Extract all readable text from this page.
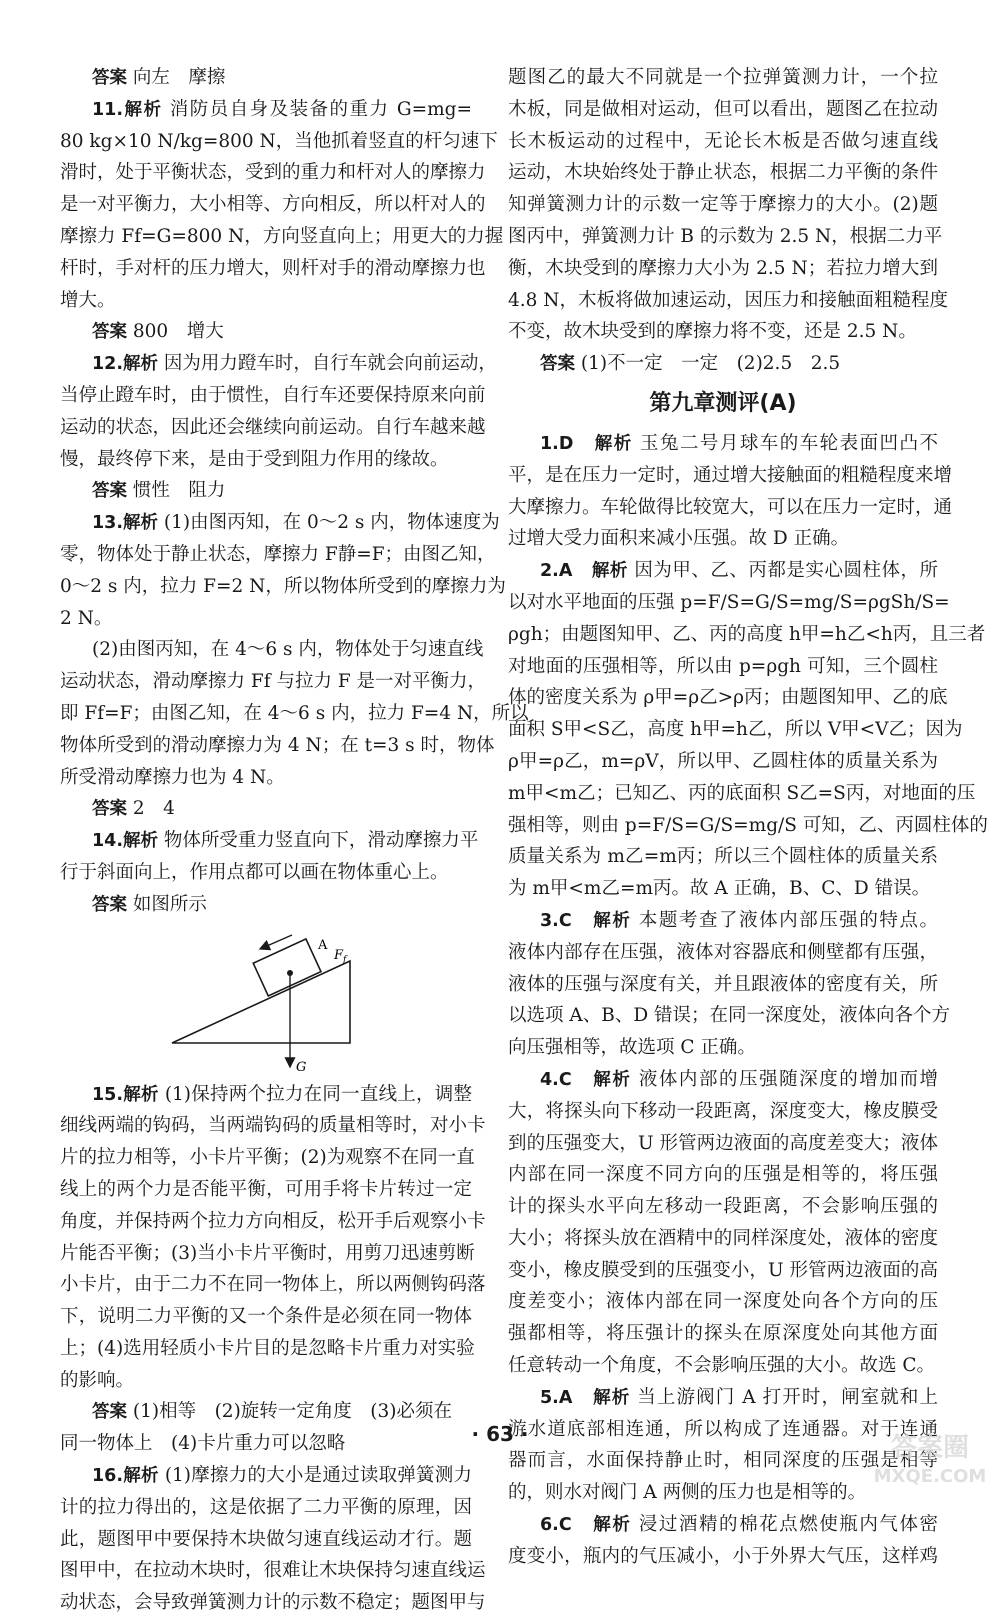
答案 向左　摩擦
11.解析 消防员自身及装备的重力 G=mg=
80 kg×10 N/kg=800 N，当他抓着竖直的杆匀速下
滑时，处于平衡状态，受到的重力和杆对人的摩擦力
是一对平衡力，大小相等、方向相反，所以杆对人的
摩擦力 Ff=G=800 N，方向竖直向上；用更大的力握
杆时，手对杆的压力增大，则杆对手的滑动摩擦力也
增大。
答案 800　增大
12.解析 因为用力蹬车时，自行车就会向前运动，
当停止蹬车时，由于惯性，自行车还要保持原来向前
运动的状态，因此还会继续向前运动。自行车越来越
慢，最终停下来，是由于受到阻力作用的缘故。
答案 惯性　阻力
13.解析 (1)由图丙知，在 0～2 s 内，物体速度为
零，物体处于静止状态，摩擦力 F静=F；由图乙知，
0～2 s 内，拉力 F=2 N，所以物体所受到的摩擦力为
2 N。
(2)由图丙知，在 4～6 s 内，物体处于匀速直线
运动状态，滑动摩擦力 Ff 与拉力 F 是一对平衡力，
即 Ff=F；由图乙知，在 4～6 s 内，拉力 F=4 N，所以
物体所受到的滑动摩擦力为 4 N；在 t=3 s 时，物体
所受滑动摩擦力也为 4 N。
答案 2　4
14.解析 物体所受重力竖直向下，滑动摩擦力平
行于斜面向上，作用点都可以画在物体重心上。
答案 如图所示
A
$F_f$
G
15.解析 (1)保持两个拉力在同一直线上，调整
细线两端的钩码，当两端钩码的质量相等时，对小卡
片的拉力相等，小卡片平衡；(2)为观察不在同一直
线上的两个力是否能平衡，可用手将卡片转过一定
角度，并保持两个拉力方向相反，松开手后观察小卡
片能否平衡；(3)当小卡片平衡时，用剪刀迅速剪断
小卡片，由于二力不在同一物体上，所以两侧钩码落
下，说明二力平衡的又一个条件是必须在同一物体
上；(4)选用轻质小卡片目的是忽略卡片重力对实验
的影响。
答案 (1)相等　(2)旋转一定角度　(3)必须在
同一物体上　(4)卡片重力可以忽略
16.解析 (1)摩擦力的大小是通过读取弹簧测力
计的拉力得出的，这是依据了二力平衡的原理，因
此，题图甲中要保持木块做匀速直线运动才行。题
图甲中，在拉动木块时，很难让木块保持匀速直线运
动状态，会导致弹簧测力计的示数不稳定；题图甲与
题图乙的最大不同就是一个拉弹簧测力计，一个拉
木板，同是做相对运动，但可以看出，题图乙在拉动
长木板运动的过程中，无论长木板是否做匀速直线
运动，木块始终处于静止状态，根据二力平衡的条件
知弹簧测力计的示数一定等于摩擦力的大小。(2)题
图丙中，弹簧测力计 B 的示数为 2.5 N，根据二力平
衡，木块受到的摩擦力大小为 2.5 N；若拉力增大到
4.8 N，木板将做加速运动，因压力和接触面粗糙程度
不变，故木块受到的摩擦力将不变，还是 2.5 N。
答案 (1)不一定　一定　(2)2.5　2.5
第九章测评(A)
1.D　 解析 玉兔二号月球车的车轮表面凹凸不
平，是在压力一定时，通过增大接触面的粗糙程度来增
大摩擦力。车轮做得比较宽大，可以在压力一定时，通
过增大受力面积来减小压强。故 D 正确。
2.A　 解析 因为甲、乙、丙都是实心圆柱体，所
以对水平地面的压强 p=F/S=G/S=mg/S=ρgSh/S=
ρgh；由题图知甲、乙、丙的高度 h甲=h乙<h丙，且三者
对地面的压强相等，所以由 p=ρgh 可知，三个圆柱
体的密度关系为 ρ甲=ρ乙>ρ丙；由题图知甲、乙的底
面积 S甲<S乙，高度 h甲=h乙，所以 V甲<V乙；因为
ρ甲=ρ乙，m=ρV，所以甲、乙圆柱体的质量关系为
m甲<m乙；已知乙、丙的底面积 S乙=S丙，对地面的压
强相等，则由 p=F/S=G/S=mg/S 可知，乙、丙圆柱体的
质量关系为 m乙=m丙；所以三个圆柱体的质量关系
为 m甲<m乙=m丙。故 A 正确，B、C、D 错误。
3.C　 解析 本题考查了液体内部压强的特点。
液体内部存在压强，液体对容器底和侧壁都有压强，
液体的压强与深度有关，并且跟液体的密度有关，所
以选项 A、B、D 错误；在同一深度处，液体向各个方
向压强相等，故选项 C 正确。
4.C　 解析 液体内部的压强随深度的增加而增
大，将探头向下移动一段距离，深度变大，橡皮膜受
到的压强变大，U 形管两边液面的高度差变大；液体
内部在同一深度不同方向的压强是相等的，将压强
计的探头水平向左移动一段距离，不会影响压强的
大小；将探头放在酒精中的同样深度处，液体的密度
变小，橡皮膜受到的压强变小，U 形管两边液面的高
度差变小；液体内部在同一深度处向各个方向的压
强都相等，将压强计的探头在原深度处向其他方面
任意转动一个角度，不会影响压强的大小。故选 C。
5.A　 解析 当上游阀门 A 打开时，闸室就和上
游水道底部相连通，所以构成了连通器。对于连通
器而言，水面保持静止时，相同深度的压强是相等
的，则水对阀门 A 两侧的压力也是相等的。
6.C　 解析 浸过酒精的棉花点燃使瓶内气体密
度变小，瓶内的气压减小，小于外界大气压，这样鸡
· 63 ·	答案圈
MXQE.COM
